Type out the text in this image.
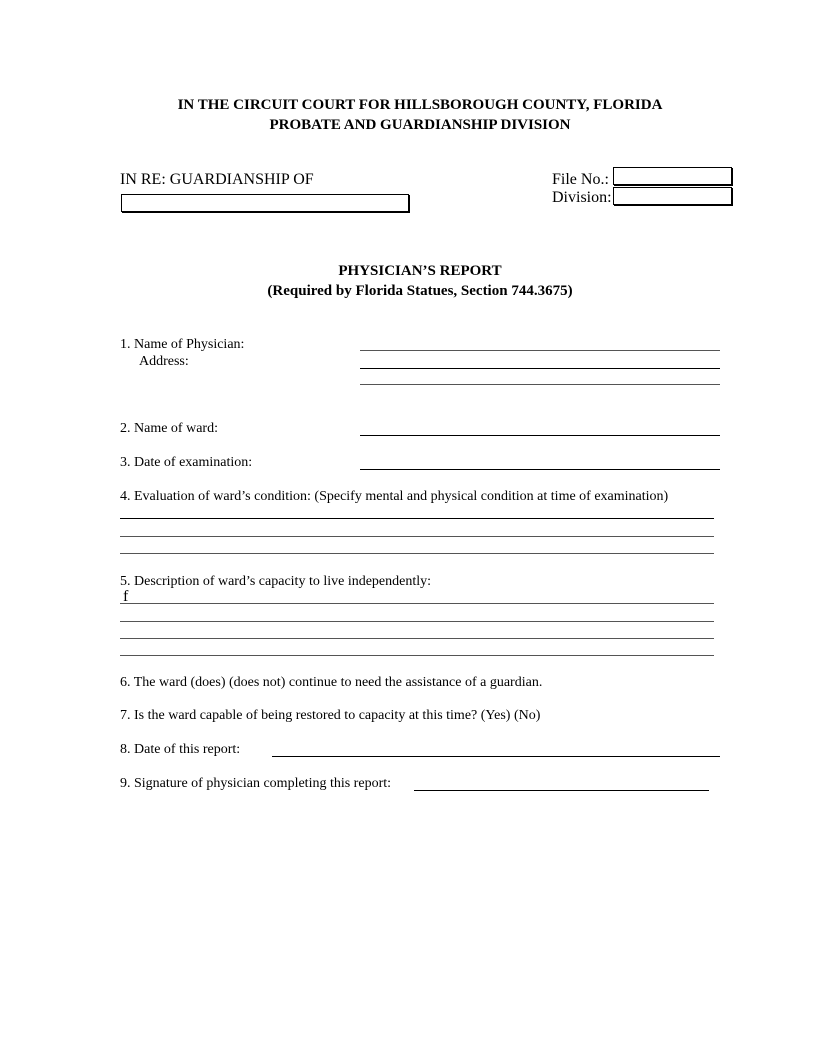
IN THE CIRCUIT COURT FOR HILLSBOROUGH COUNTY, FLORIDA
PROBATE AND GUARDIANSHIP DIVISION
IN RE: GUARDIANSHIP OF	File No.:
Division:
PHYSICIAN’S REPORT
(Required by Florida Statues, Section 744.3675)
1. Name of Physician:
Address:
2. Name of ward:
3. Date of examination:
4. Evaluation of ward’s condition: (Specify mental and physical condition at time of examination)
5. Description of ward’s capacity to live independently:
f
6. The ward (does) (does not) continue to need the assistance of a guardian.
7. Is the ward capable of being restored to capacity at this time? (Yes) (No)
8. Date of this report:
9. Signature of physician completing this report:
